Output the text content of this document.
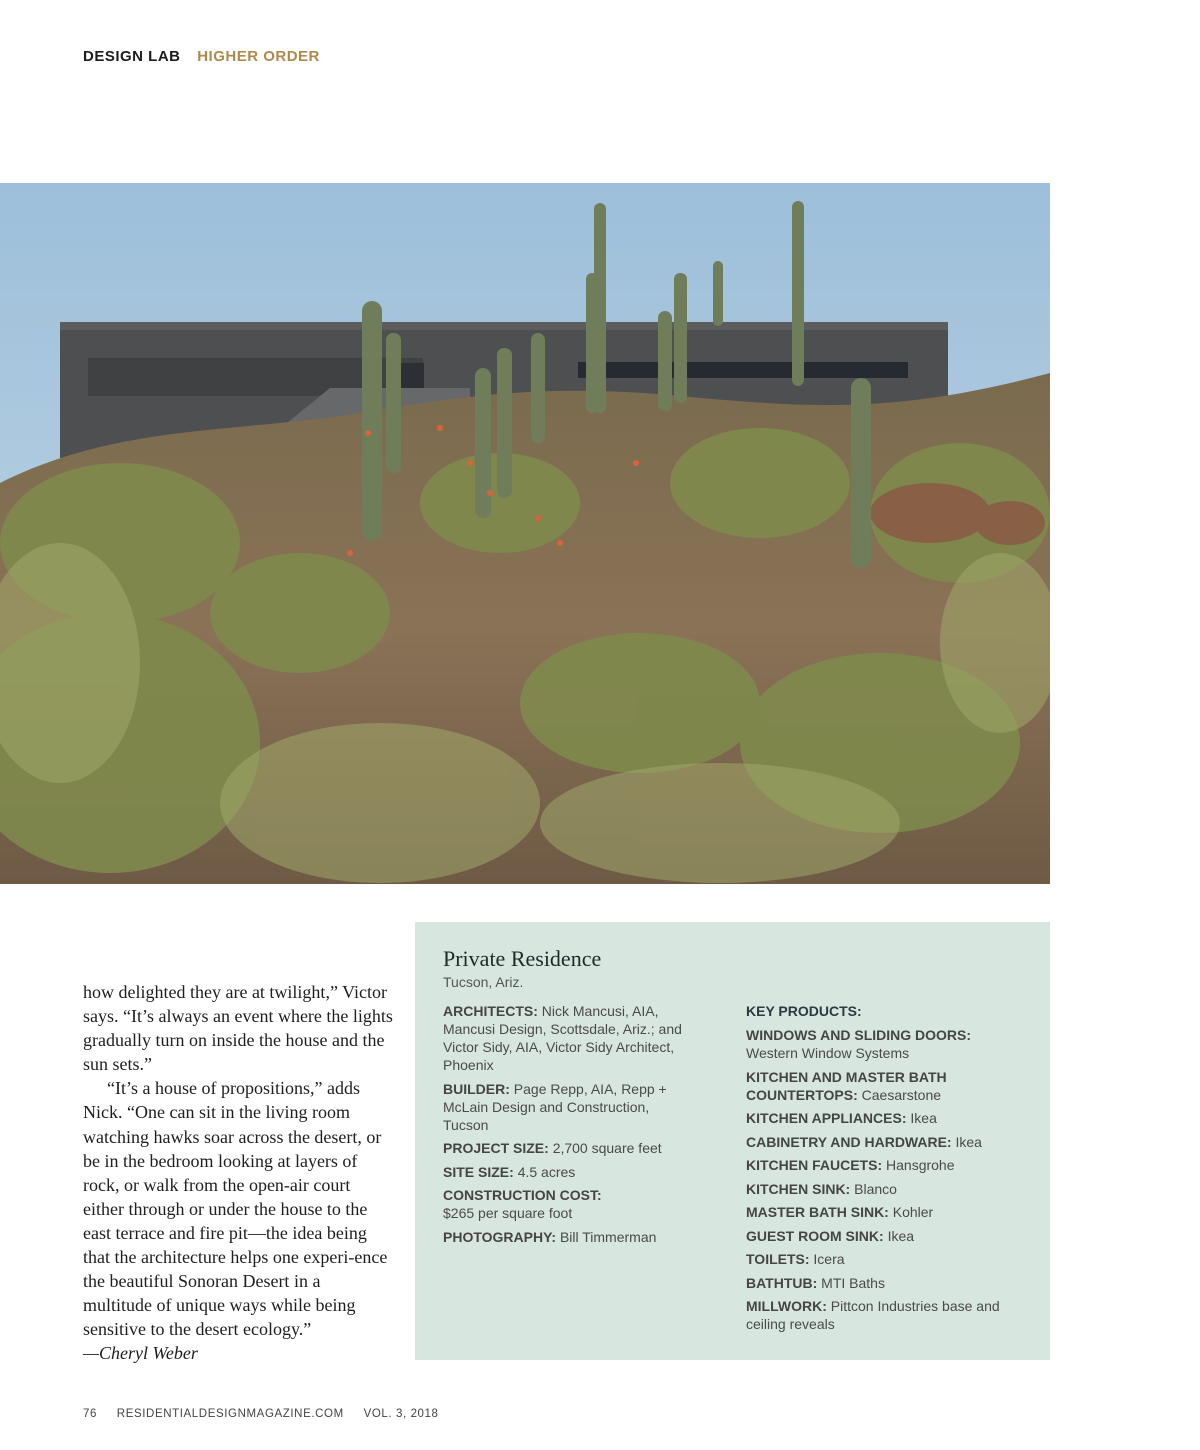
DESIGN LAB HIGHER ORDER

how delighted they are at twilight,” Victor says. “It’s always an event where the lights gradually turn on inside the house and the sun sets.”

“It’s a house of propositions,” adds Nick. “One can sit in the living room watching hawks soar across the desert, or be in the bedroom looking at layers of rock, or walk from the open-air court either through or under the house to the east terrace and fire pit—the idea being that the architecture helps one experi-ence the beautiful Sonoran Desert in a multitude of unique ways while being sensitive to the desert ecology.”

—Cheryl Weber

Private Residence
Tucson, Ariz.
ARCHITECTS: Nick Mancusi, AIA, Mancusi Design, Scottsdale, Ariz.; and Victor Sidy, AIA, Victor Sidy Architect, Phoenix
BUILDER: Page Repp, AIA, Repp + McLain Design and Construction, Tucson
PROJECT SIZE: 2,700 square feet
SITE SIZE: 4.5 acres
CONSTRUCTION COST:
$265 per square foot
PHOTOGRAPHY: Bill Timmerman
KEY PRODUCTS:
WINDOWS AND SLIDING DOORS:
Western Window Systems
KITCHEN AND MASTER BATH COUNTERTOPS: Caesarstone
KITCHEN APPLIANCES: Ikea
CABINETRY AND HARDWARE: Ikea
KITCHEN FAUCETS: Hansgrohe
KITCHEN SINK: Blanco
MASTER BATH SINK: Kohler
GUEST ROOM SINK: Ikea
TOILETS: Icera
BATHTUB: MTI Baths
MILLWORK: Pittcon Industries base and ceiling reveals
76 RESIDENTIALDESIGNMAGAZINE.COM VOL. 3, 2018
